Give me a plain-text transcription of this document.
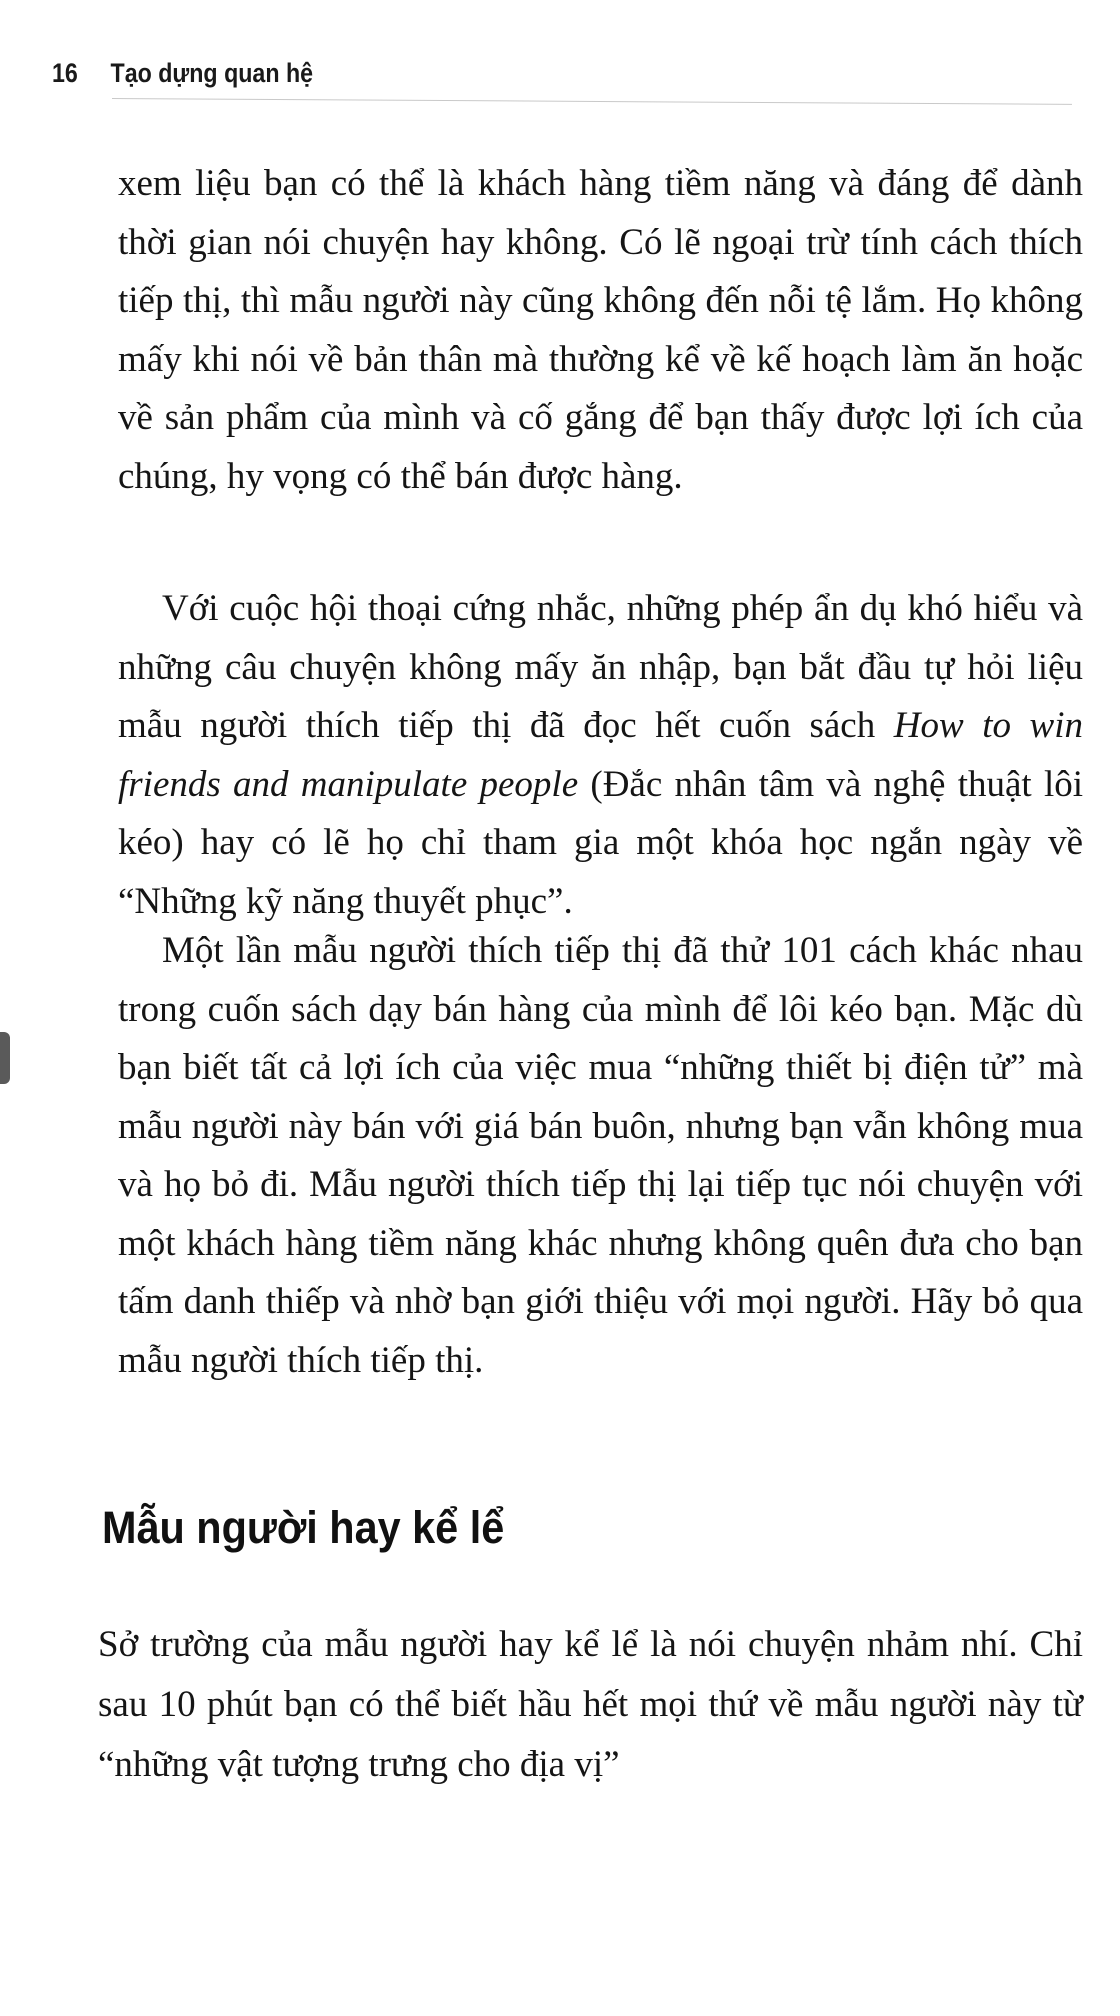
16 Tạo dựng quan hệ

xem liệu bạn có thể là khách hàng tiềm năng và đáng để dành thời gian nói chuyện hay không. Có lẽ ngoại trừ tính cách thích tiếp thị, thì mẫu người này cũng không đến nỗi tệ lắm. Họ không mấy khi nói về bản thân mà thường kể về kế hoạch làm ăn hoặc về sản phẩm của mình và cố gắng để bạn thấy được lợi ích của chúng, hy vọng có thể bán được hàng.

Với cuộc hội thoại cứng nhắc, những phép ẩn dụ khó hiểu và những câu chuyện không mấy ăn nhập, bạn bắt đầu tự hỏi liệu mẫu người thích tiếp thị đã đọc hết cuốn sách How to win friends and manipulate people (Đắc nhân tâm và nghệ thuật lôi kéo) hay có lẽ họ chỉ tham gia một khóa học ngắn ngày về “Những kỹ năng thuyết phục”.

Một lần mẫu người thích tiếp thị đã thử 101 cách khác nhau trong cuốn sách dạy bán hàng của mình để lôi kéo bạn. Mặc dù bạn biết tất cả lợi ích của việc mua “những thiết bị điện tử” mà mẫu người này bán với giá bán buôn, nhưng bạn vẫn không mua và họ bỏ đi. Mẫu người thích tiếp thị lại tiếp tục nói chuyện với một khách hàng tiềm năng khác nhưng không quên đưa cho bạn tấm danh thiếp và nhờ bạn giới thiệu với mọi người. Hãy bỏ qua mẫu người thích tiếp thị.

Mẫu người hay kể lể

Sở trường của mẫu người hay kể lể là nói chuyện nhảm nhí. Chỉ sau 10 phút bạn có thể biết hầu hết mọi thứ về mẫu người này từ “những vật tượng trưng cho địa vị”
